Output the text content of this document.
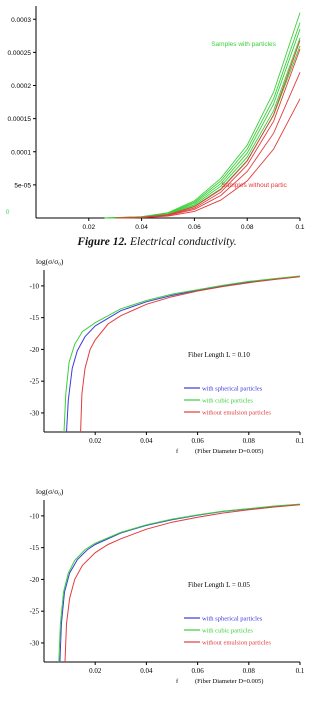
5e-05
0.0001
0.00015
0.0002
0.00025
0.0003
0
0.02	0.04	0.06	0.08	0.1
Samples with particles
Samples without partic
Figure 12. Electrical conductivity.
log(σ/σ₀)
-10
-15
-20
-25
-30
0.02	0.04	0.06	0.08	0.1
f	(Fiber Diameter D=0.005)
Fiber Length L = 0.10
with spherical particles
with cubic particles
without emulsion particles
log(σ/σ₀)
-10
-15
-20
-25
-30
0.02	0.04	0.06	0.08	0.1
f	(Fiber Diameter D=0.005)
Fiber Length L = 0.05
with spherical particles
with cubic particles
without emulsion particles
